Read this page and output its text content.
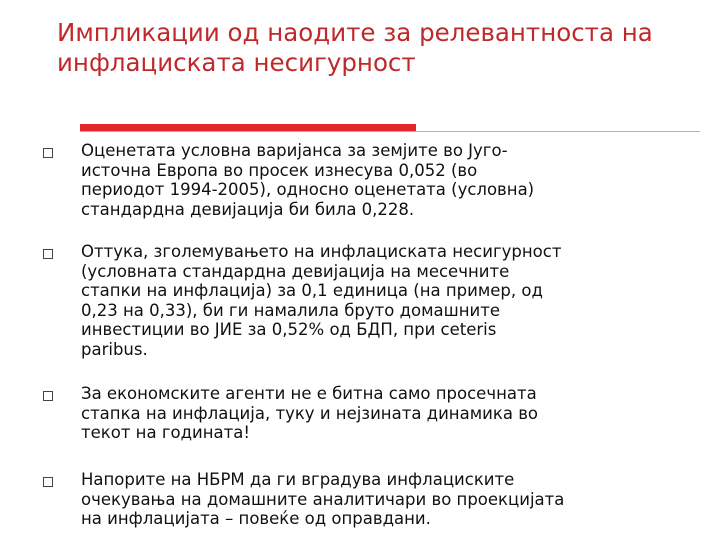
Импликации од наодите за релевантноста на
инфлациската несигурност
Оценетата условна варијанса за земјите во Југо-
источна Европа во просек изнесува 0,052 (во
периодот 1994-2005), односно оценетата (условна)
стандардна девијација би била 0,228.
Оттука, зголемувањето на инфлациската несигурност
(условната стандардна девијација на месечните
стапки на инфлација) за 0,1 единица (на пример, од
0,23 на 0,33), би ги намалила бруто домашните
инвестиции во ЈИЕ за 0,52% од БДП, при ceteris
paribus.
За економските агенти не е битна само просечната
стапка на инфлација, туку и нејзината динамика во
текот на годината!
Напорите на НБРМ да ги вградува инфлациските
очекувања на домашните аналитичари во проекцијата
на инфлацијата – повеќе од оправдани.
